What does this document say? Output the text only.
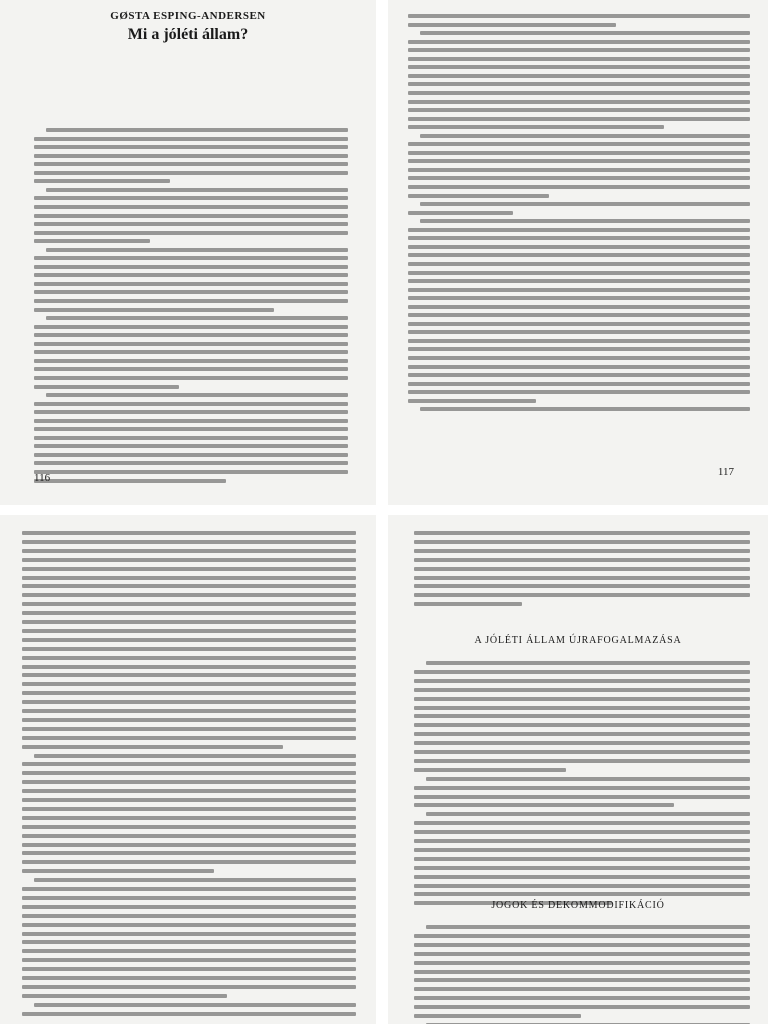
GØSTA ESPING-ANDERSEN
Mi a jóléti állam?
116	117
A JÓLÉTI ÁLLAM ÚJRAFOGALMAZÁSA
JOGOK ÉS DEKOMMODIFIKÁCIÓ
